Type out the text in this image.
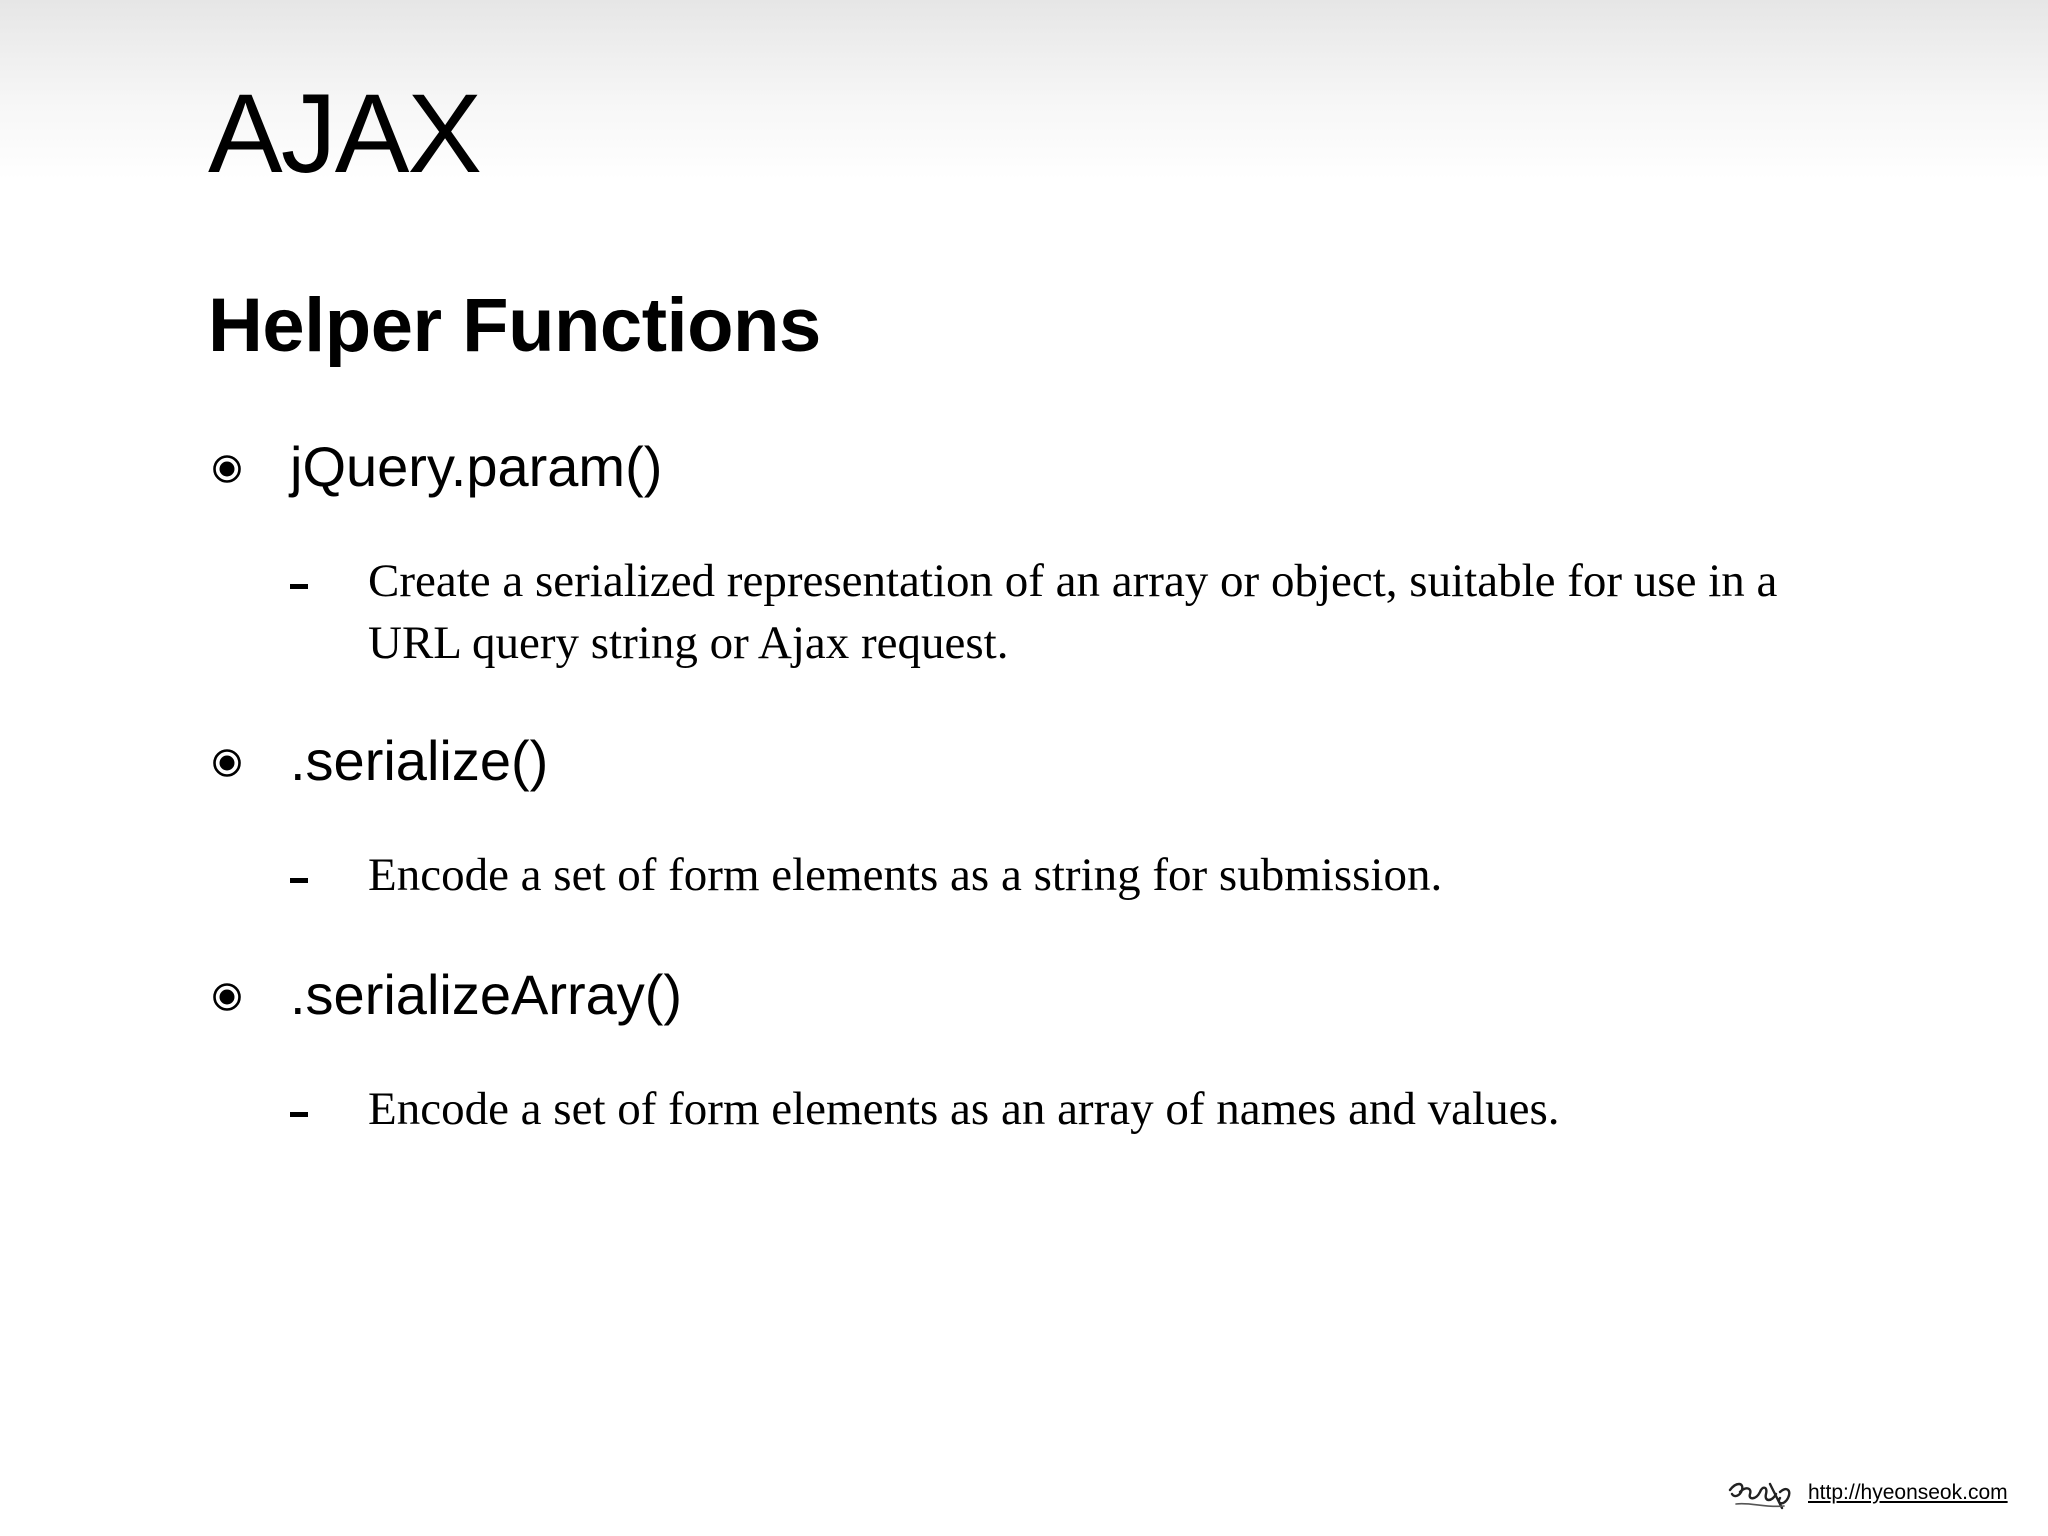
AJAX
Helper Functions
jQuery.param()
Create a serialized representation of an array or object, suitable for use in a URL query string or Ajax request.
.serialize()
Encode a set of form elements as a string for submission.
.serializeArray()
Encode a set of form elements as an array of names and values.
http://hyeonseok.com
